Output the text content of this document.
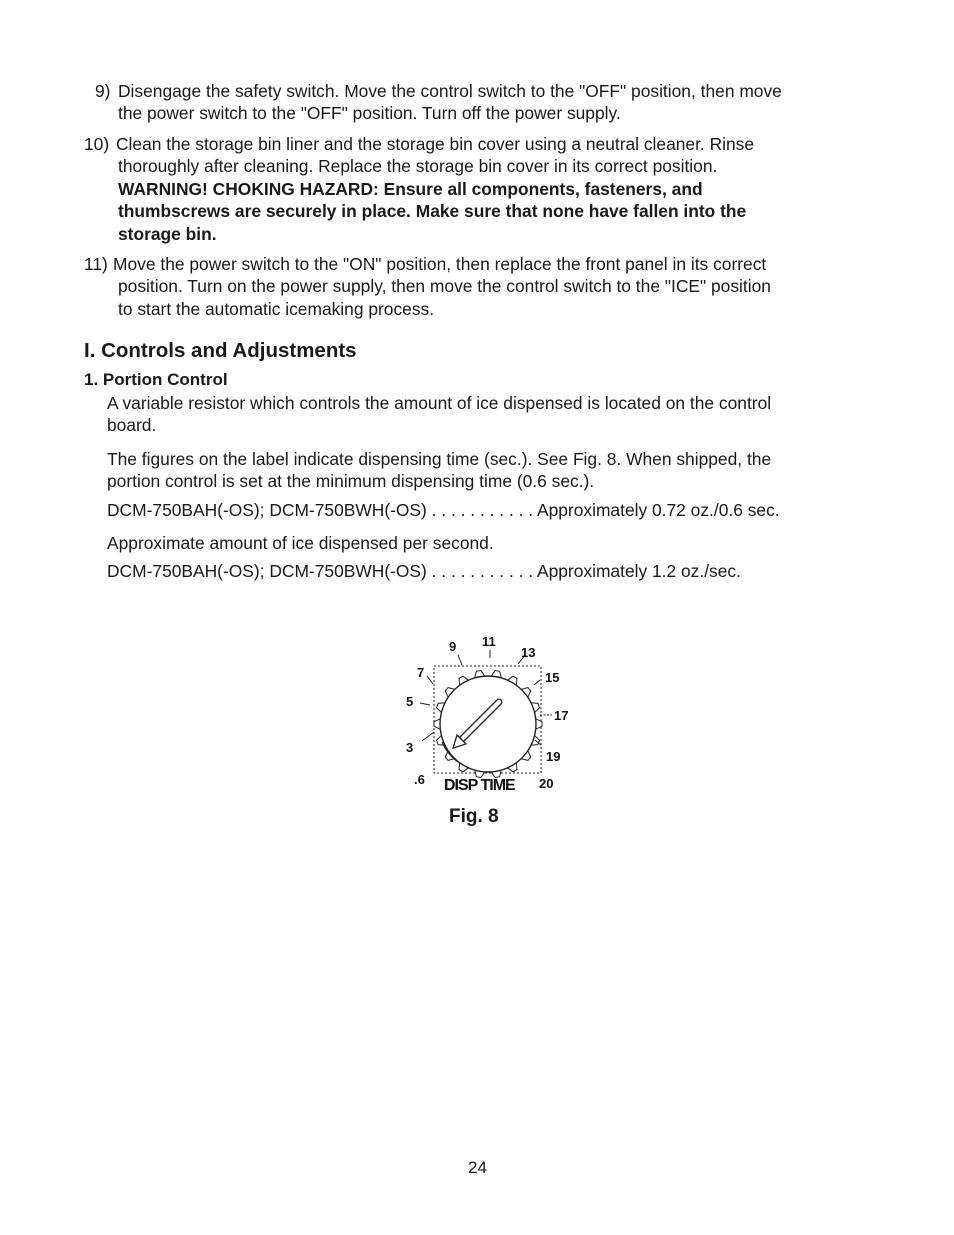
9) Disengage the safety switch. Move the control switch to the "OFF" position, then move
the power switch to the "OFF" position. Turn off the power supply.
10) Clean the storage bin liner and the storage bin cover using a neutral cleaner. Rinse
thoroughly after cleaning. Replace the storage bin cover in its correct position.
WARNING! CHOKING HAZARD: Ensure all components, fasteners, and
thumbscrews are securely in place. Make sure that none have fallen into the
storage bin.
11) Move the power switch to the "ON" position, then replace the front panel in its correct
position. Turn on the power supply, then move the control switch to the "ICE" position
to start the automatic icemaking process.
I. Controls and Adjustments
1. Portion Control
A variable resistor which controls the amount of ice dispensed is located on the control
board.
The figures on the label indicate dispensing time (sec.). See Fig. 8. When shipped, the
portion control is set at the minimum dispensing time (0.6 sec.).
DCM-750BAH(-OS); DCM-750BWH(-OS) . . . . . . . . . . . Approximately 0.72 oz./0.6 sec.
Approximate amount of ice dispensed per second.
DCM-750BAH(-OS); DCM-750BWH(-OS) . . . . . . . . . . . Approximately 1.2 oz./sec.
9 11
13
15
17
19
20
7
5
3
.6 DISP TIME
Fig. 8
24
